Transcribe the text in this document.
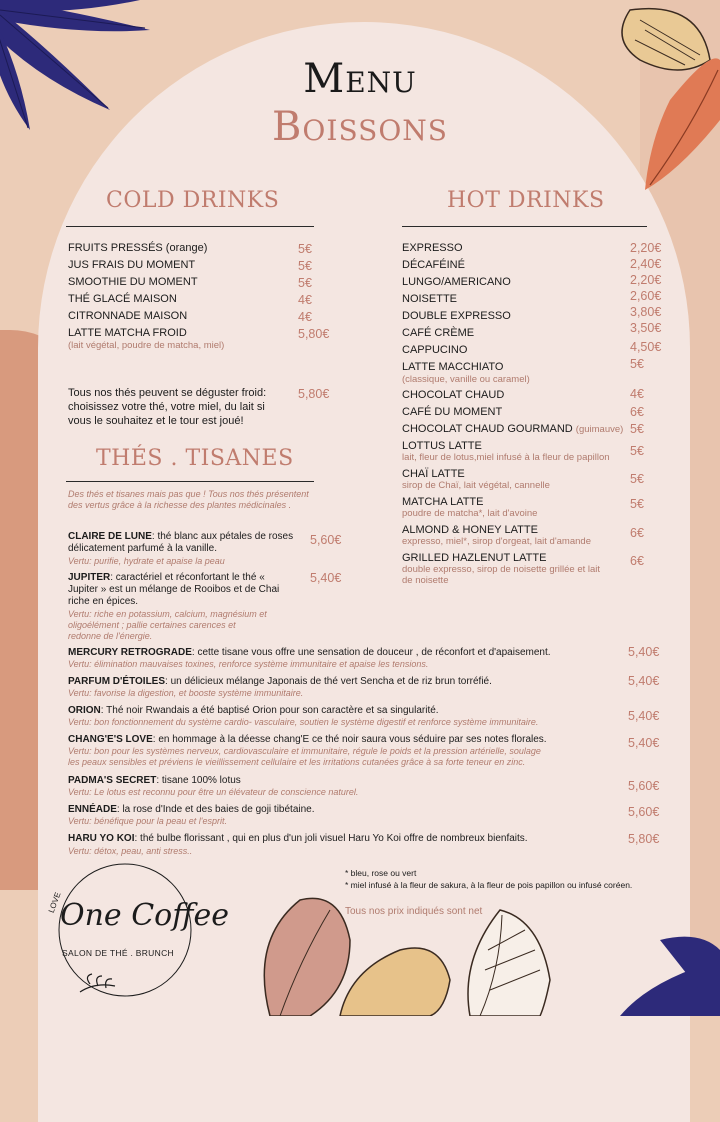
Menu
Boissons
COLD DRINKS
FRUITS PRESSÉS (orange)	5€
JUS FRAIS DU MOMENT	5€
SMOOTHIE DU MOMENT	5€
THÉ GLACÉ MAISON	4€
CITRONNADE MAISON	4€
LATTE MATCHA FROID	5,80€
(lait végétal, poudre de matcha, miel)
Tous nos thés peuvent se déguster froid:
choisissez votre thé, votre miel, du lait si
vous le souhaitez et le tour est joué!
5,80€
THÉS . TISANES
Des thés et tisanes mais pas que ! Tous nos thés présentent
des vertus grâce à la richesse des plantes médicinales .
CLAIRE DE LUNE: thé blanc aux pétales de roses
délicatement parfumé à la vanille.
Vertu: purifie, hydrate et apaise la peau
5,60€
JUPITER: caractériel et réconfortant le thé «
Jupiter » est un mélange de Rooibos et de Chai
riche en épices.
Vertu: riche en potassium, calcium, magnésium et
oligoélément ; pallie certaines carences et
redonne de l'énergie.
5,40€
MERCURY RETROGRADE: cette tisane vous offre une sensation de douceur , de réconfort et d'apaisement.
Vertu: élimination mauvaises toxines, renforce système immunitaire et apaise les tensions.
5,40€
PARFUM D'ÉTOILES: un délicieux mélange Japonais de thé vert Sencha et de riz brun torréfié.
Vertu: favorise la digestion, et booste système immunitaire.
5,40€
ORION: Thé noir Rwandais a été baptisé Orion pour son caractère et sa singularité.
Vertu: bon fonctionnement du système cardio- vasculaire, soutien le système digestif et renforce système immunitaire.	5,40€
CHANG'E'S LOVE: en hommage à la déesse chang'E ce thé noir saura vous séduire par ses notes florales.
Vertu: bon pour les systèmes nerveux, cardiovasculaire et immunitaire, régule le poids et la pression artérielle, soulage
les peaux sensibles et préviens le vieillissement cellulaire et les irritations cutanées grâce à sa forte teneur en zinc.
5,40€
PADMA'S SECRET: tisane 100% lotus
Vertu: Le lotus est reconnu pour être un élévateur de conscience naturel.	5,60€
ENNÉADE: la rose d'Inde et des baies de goji tibétaine.
Vertu: bénéfique pour la peau et l'esprit.
5,60€
HARU YO KOI: thé bulbe florissant , qui en plus d'un joli visuel Haru Yo Koi offre de nombreux bienfaits.
Vertu: détox, peau, anti stress..
5,80€
HOT DRINKS
EXPRESSO	2,20€
DÉCAFÉINÉ	2,40€
LUNGO/AMERICANO	2,20€
NOISETTE	2,60€
DOUBLE EXPRESSO	3,80€
CAFÉ CRÈME	3,50€
CAPPUCINO	4,50€
LATTE MACCHIATO
(classique, vanille ou caramel)
5€
CHOCOLAT CHAUD	4€
CAFÉ DU MOMENT	6€
CHOCOLAT CHAUD GOURMAND (guimauve) 5€
LOTTUS LATTE
lait, fleur de lotus,miel infusé à la fleur de papillon 5€
CHAÏ LATTE
sirop de Chaï, lait végétal, cannelle	5€
MATCHA LATTE
poudre de matcha*, lait d'avoine
5€
ALMOND & HONEY LATTE
expresso, miel*, sirop d'orgeat, lait d'amande
6€
GRILLED HAZLENUT LATTE
double expresso, sirop de noisette grillée et lait
de noisette
6€
* bleu, rose ou vert
* miel infusé à la fleur de sakura, à la fleur de pois papillon ou infusé coréen.
Tous nos prix indiqués sont net
LOVE
One Coffee
SALON DE THÉ . BRUNCH
